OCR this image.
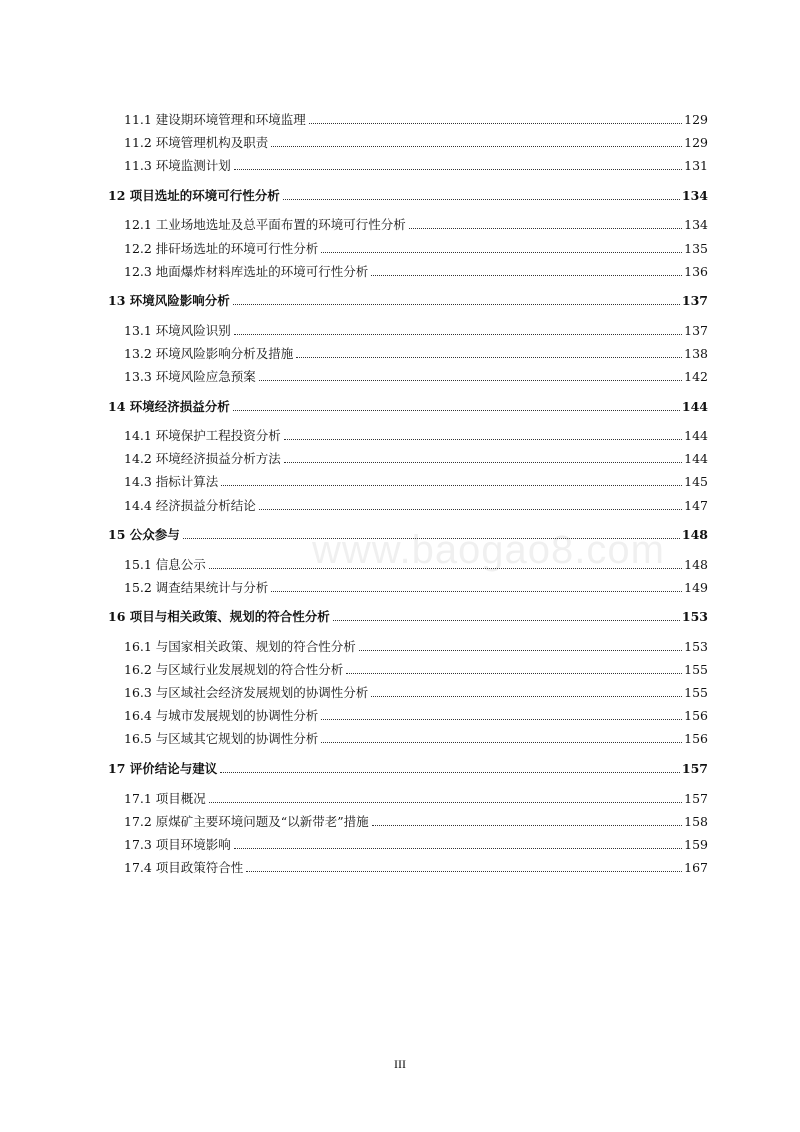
www.baogao8.com
11.1 建设期环境管理和环境监理	129
11.2 环境管理机构及职责	129
11.3 环境监测计划	131
12 项目选址的环境可行性分析	134
12.1 工业场地选址及总平面布置的环境可行性分析	134
12.2 排矸场选址的环境可行性分析	135
12.3 地面爆炸材料库选址的环境可行性分析	136
13 环境风险影响分析	137
13.1 环境风险识别	137
13.2 环境风险影响分析及措施	138
13.3 环境风险应急预案	142
14 环境经济损益分析	144
14.1 环境保护工程投资分析	144
14.2 环境经济损益分析方法	144
14.3 指标计算法	145
14.4 经济损益分析结论	147
15 公众参与	148
15.1 信息公示	148
15.2 调查结果统计与分析	149
16 项目与相关政策、规划的符合性分析	153
16.1 与国家相关政策、规划的符合性分析	153
16.2 与区域行业发展规划的符合性分析	155
16.3 与区域社会经济发展规划的协调性分析	155
16.4 与城市发展规划的协调性分析	156
16.5 与区域其它规划的协调性分析	156
17 评价结论与建议	157
17.1 项目概况	157
17.2 原煤矿主要环境问题及“以新带老”措施	158
17.3 项目环境影响	159
17.4 项目政策符合性	167
III
